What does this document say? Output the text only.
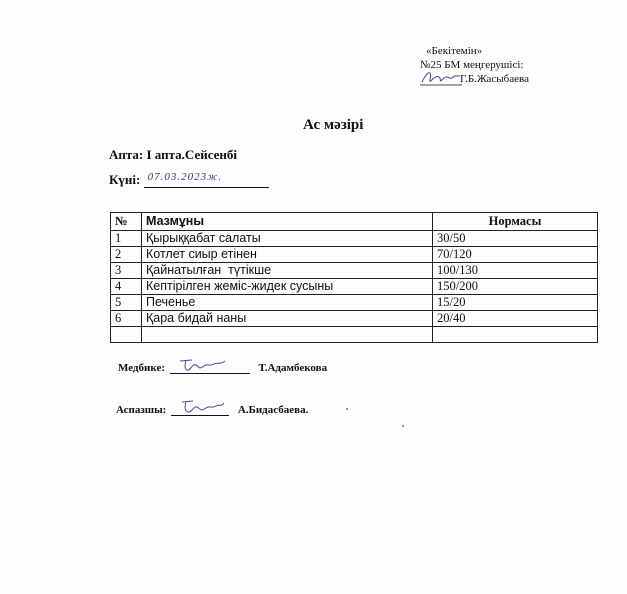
«Бекітемін»
№25 БМ меңгерушісі:
Г.Б.Жасыбаева
Ас мәзірі
Апта: І апта.Сейсенбі
Күні: 07.03.2023ж.
№	Мазмұны	Нормасы
1	Қырыққабат салаты	30/50
2	Котлет сиыр етінен	70/120
3	Қайнатылған  түтікше	100/130
4	Кептірілген жеміс-жидек сусыны	150/200
5	Печенье	15/20
6	Қара бидай наны	20/40

Медбике:	Т.Адамбекова
Аспазшы:	А.Бидасбаева.
